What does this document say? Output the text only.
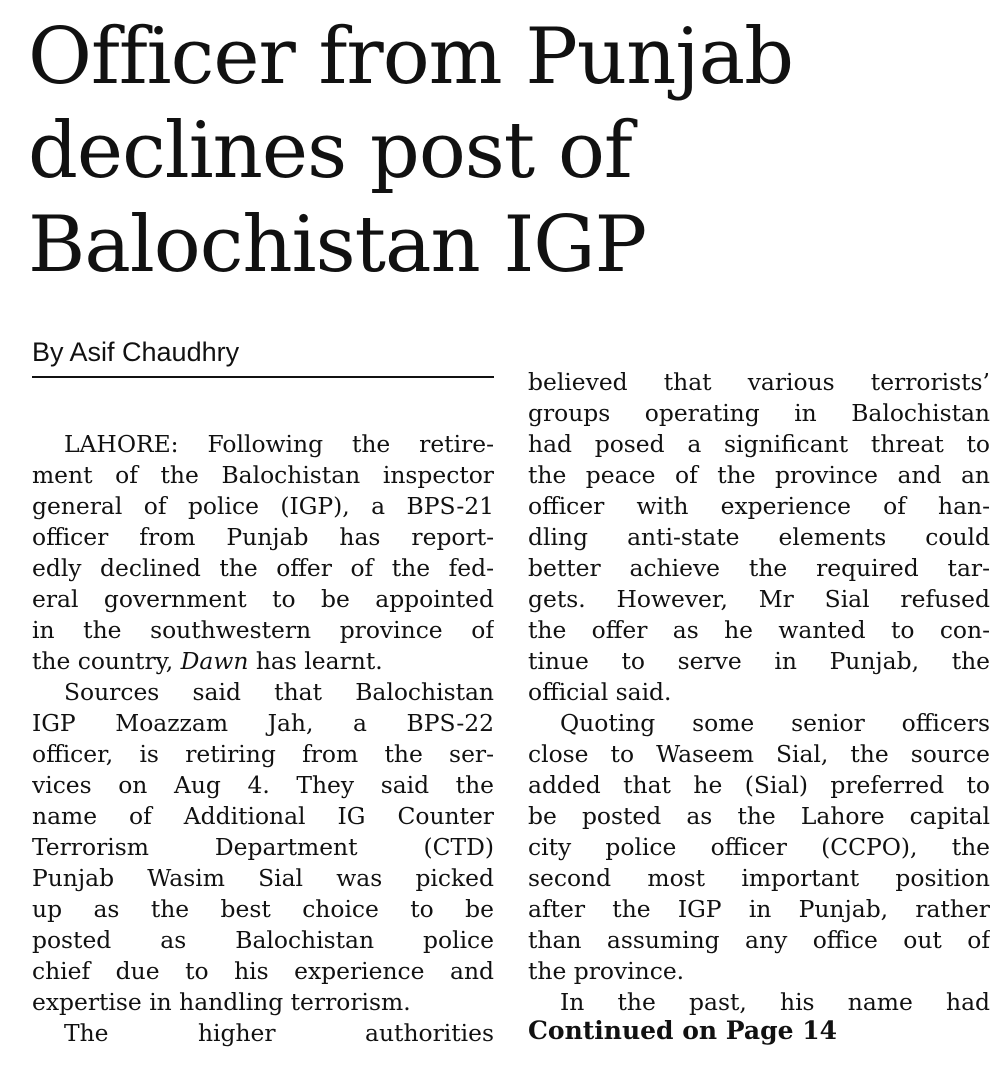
Officer from Punjab
declines post of
Balochistan IGP
By Asif Chaudhry
LAHORE: Following the retire-
ment of the Balochistan inspector
general of police (IGP), a BPS-21
officer from Punjab has report-
edly declined the offer of the fed-
eral government to be appointed
in the southwestern province of
the country, Dawn has learnt.
Sources said that Balochistan
IGP Moazzam Jah, a BPS-22
officer, is retiring from the ser-
vices on Aug 4. They said the
name of Additional IG Counter
Terrorism Department (CTD)
Punjab Wasim Sial was picked
up as the best choice to be
posted as Balochistan police
chief due to his experience and
expertise in handling terrorism.
The higher authorities
believed that various terrorists’
groups operating in Balochistan
had posed a significant threat to
the peace of the province and an
officer with experience of han-
dling anti-state elements could
better achieve the required tar-
gets. However, Mr Sial refused
the offer as he wanted to con-
tinue to serve in Punjab, the
official said.
Quoting some senior officers
close to Waseem Sial, the source
added that he (Sial) preferred to
be posted as the Lahore capital
city police officer (CCPO), the
second most important position
after the IGP in Punjab, rather
than assuming any office out of
the province.
In the past, his name had
Continued on Page 14
